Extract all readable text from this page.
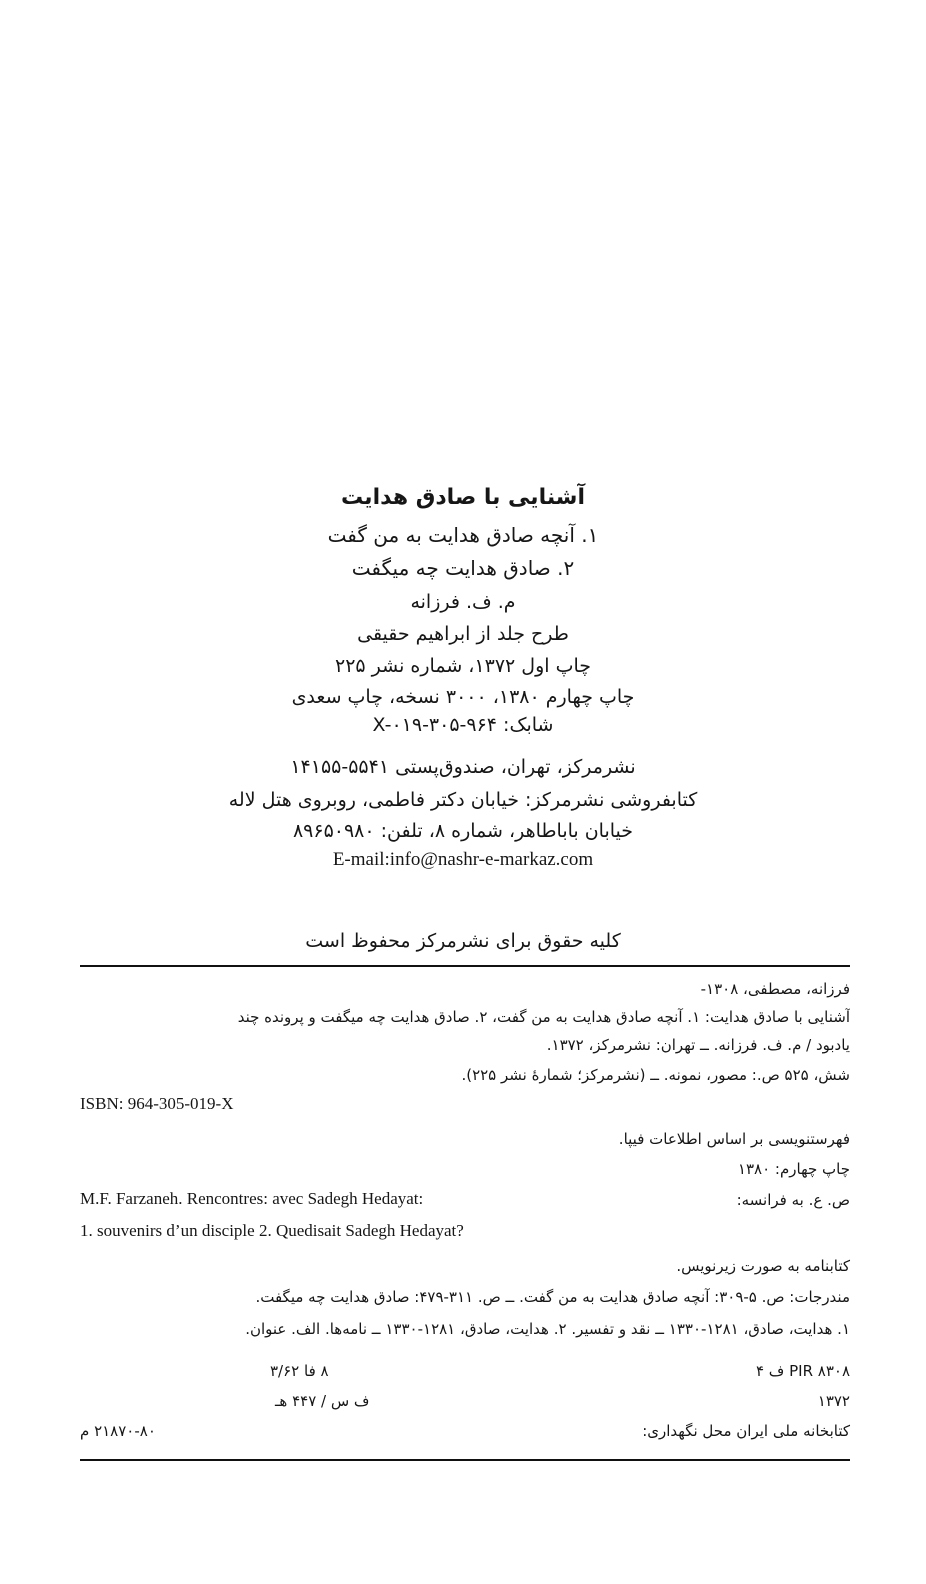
آشنایی با صادق هدایت
۱. آنچه صادق هدایت به من گفت
۲. صادق هدایت چه میگفت
م. ف. فرزانه
طرح جلد از ابراهیم حقیقی
چاپ اول ۱۳۷۲، شماره نشر ۲۲۵
چاپ چهارم ۱۳۸۰، ۳۰۰۰ نسخه، چاپ سعدی
شابک: X-۰۱۹-۳۰۵-۹۶۴
نشرمرکز، تهران، صندوق‌پستی ۵۵۴۱-۱۴۱۵۵
کتابفروشی نشرمرکز: خیابان دکتر فاطمی، روبروی هتل لاله
خیابان باباطاهر، شماره ۸، تلفن: ۸۹۶۵۰۹۸۰
E-mail:info@nashr-e-markaz.com
کلیه حقوق برای نشرمرکز محفوظ است
فرزانه، مصطفی، ۱۳۰۸-
آشنایی با صادق هدایت: ۱. آنچه صادق هدایت به من گفت، ۲. صادق هدایت چه میگفت و پرونده چند
یادبود / م. ف. فرزانه. ــ تهران: نشرمرکز، ۱۳۷۲.
شش، ۵۲۵ ص.: مصور، نمونه. ــ (نشرمرکز؛ شمارهٔ نشر ۲۲۵).
ISBN: 964-305-019-X
فهرستنویسی بر اساس اطلاعات فیپا.
چاپ چهارم: ۱۳۸۰
ص. ع. به فرانسه:
M.F. Farzaneh. Rencontres: avec Sadegh Hedayat:
1. souvenirs d’un disciple 2. Quedisait Sadegh Hedayat?
کتابنامه به صورت زیرنویس.
مندرجات: ص. ۵-۳۰۹: آنچه صادق هدایت به من گفت. ــ ص. ۳۱۱-۴۷۹: صادق هدایت چه میگفت.
۱. هدایت، صادق، ۱۲۸۱-۱۳۳۰ ــ نقد و تفسیر. ۲. هدایت، صادق، ۱۲۸۱-۱۳۳۰ ــ نامه‌ها. الف. عنوان.
PIR ۸۳۰۸ ف ۴
۸ فا ۳/۶۲
۱۳۷۲
ف س / ۴۴۷ هـ
کتابخانه ملی ایران محل نگهداری:
۲۱۸۷۰-۸۰ م
